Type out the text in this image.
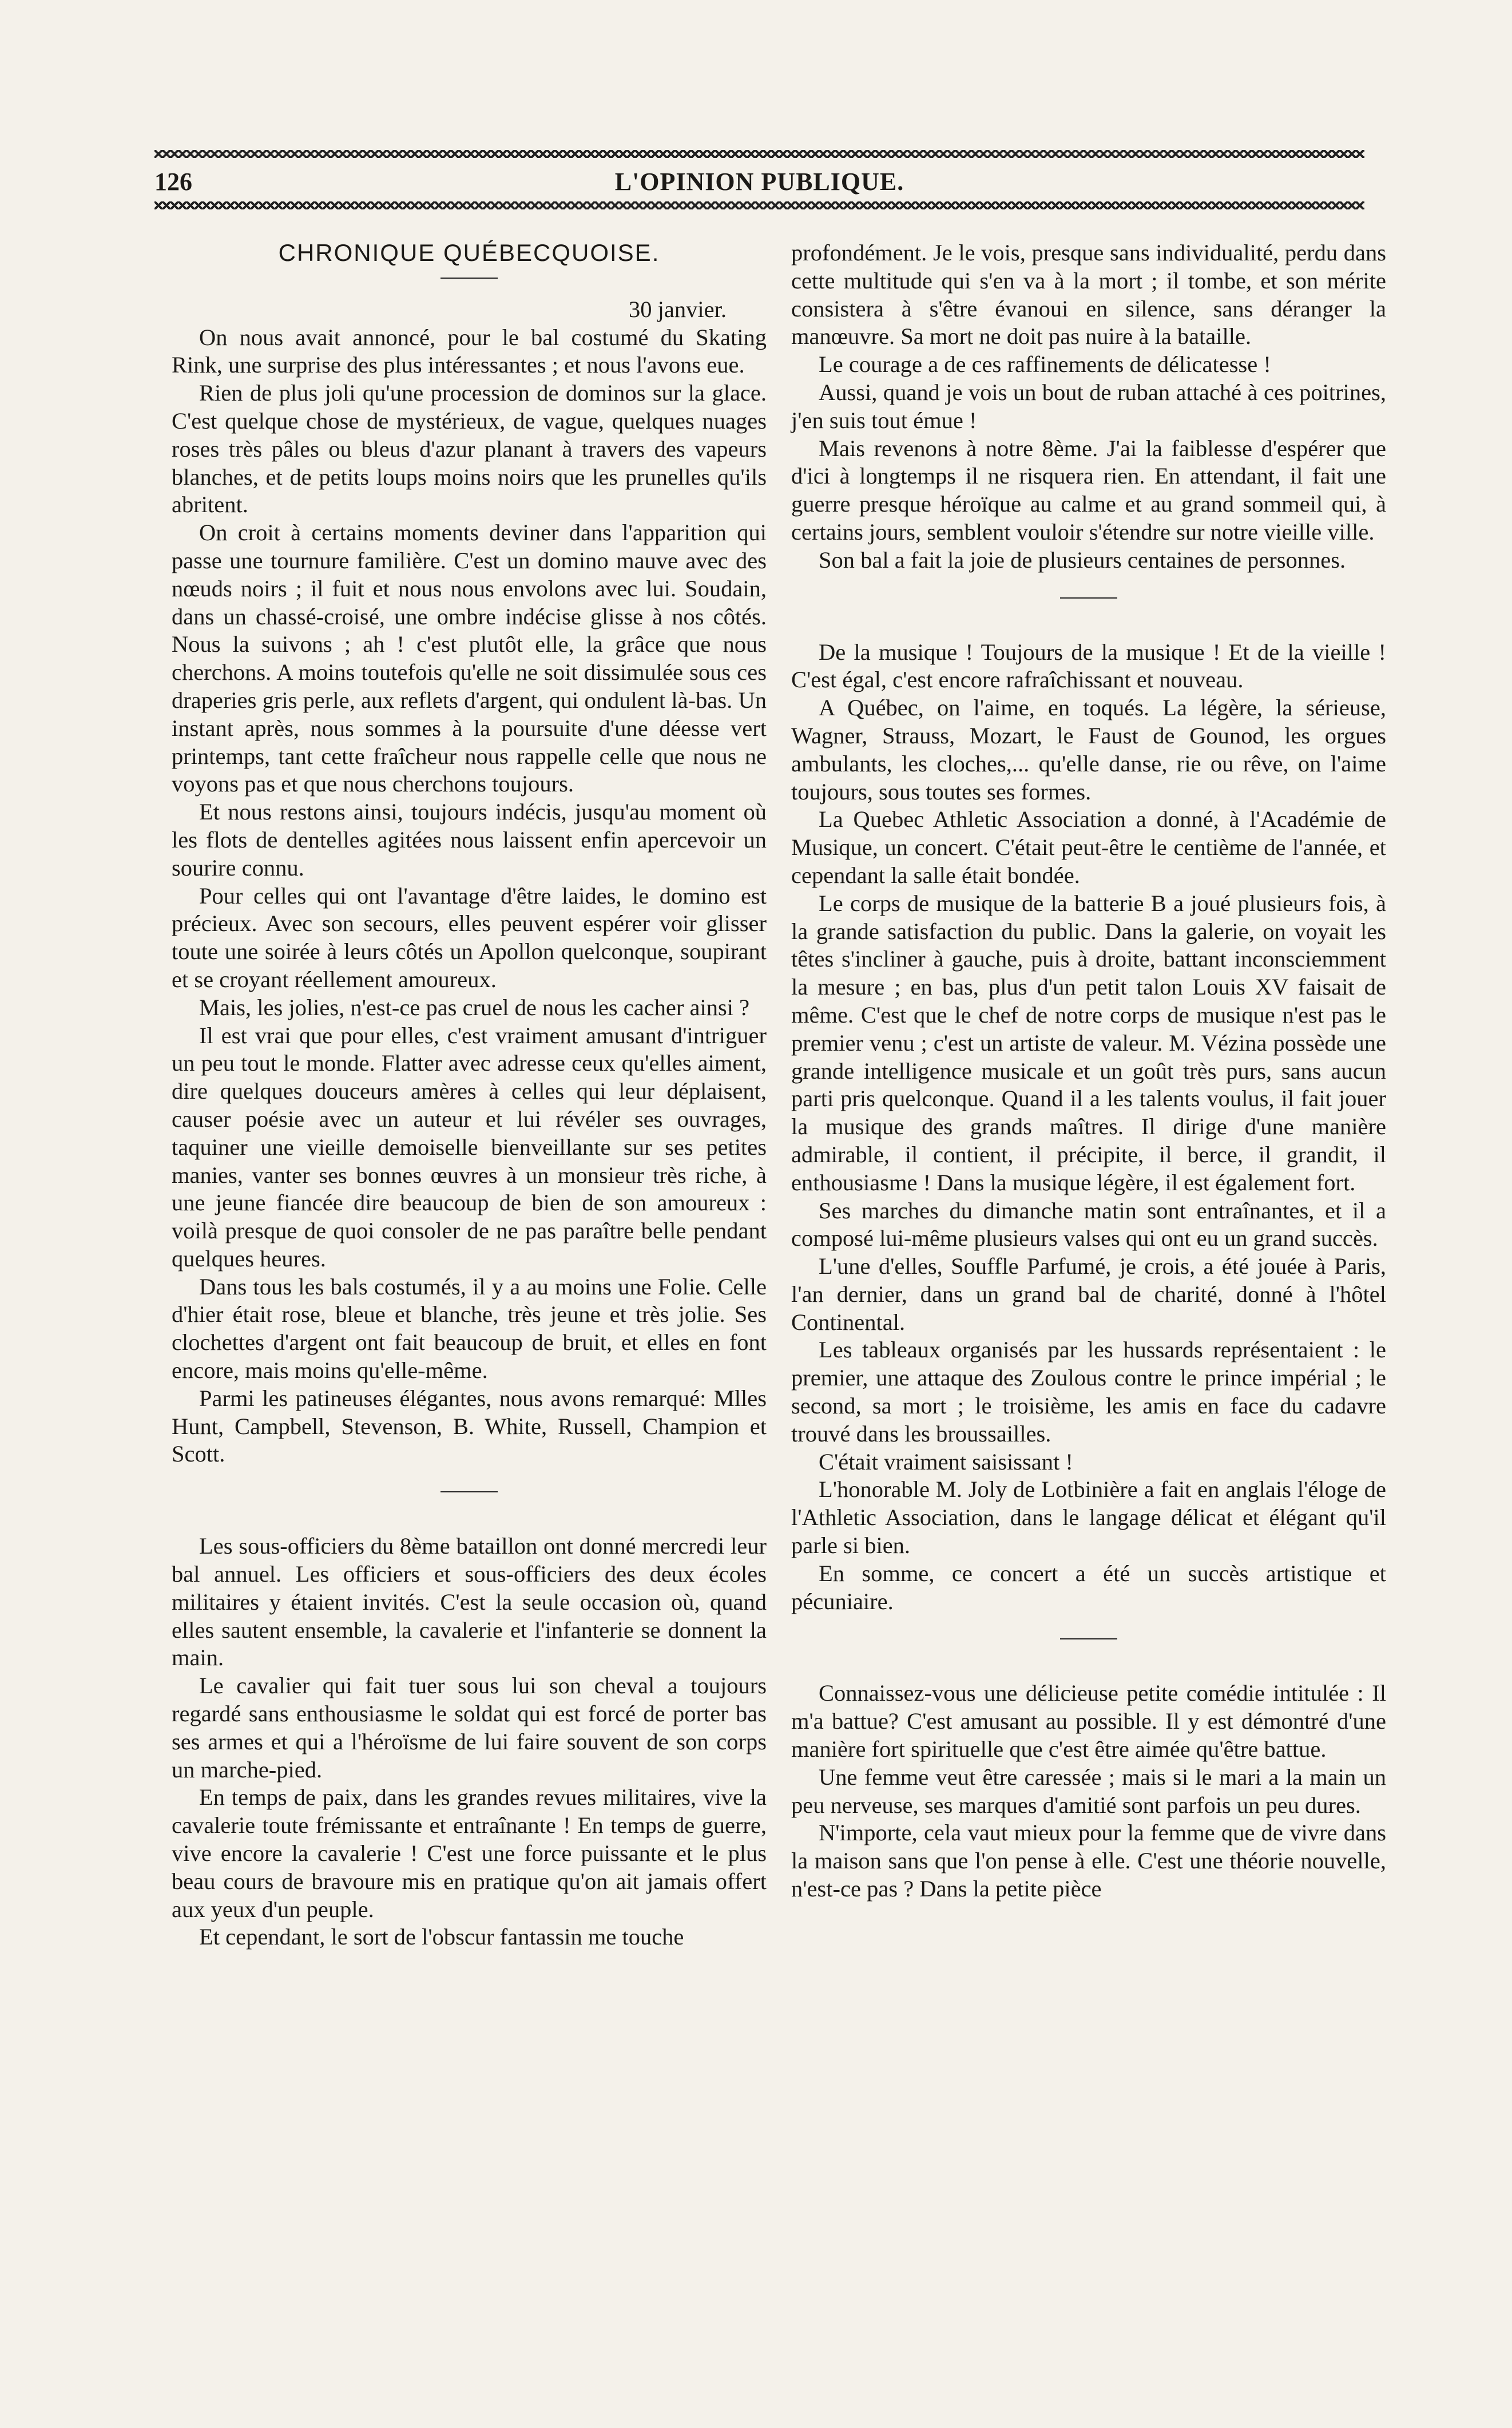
126	L'OPINION PUBLIQUE.

CHRONIQUE QUÉBECQUOISE.

30 janvier.

On nous avait annoncé, pour le bal costumé du Skating Rink, une surprise des plus intéressantes ; et nous l'avons eue.

Rien de plus joli qu'une procession de dominos sur la glace. C'est quelque chose de mystérieux, de vague, quelques nuages roses très pâles ou bleus d'azur planant à travers des vapeurs blanches, et de petits loups moins noirs que les prunelles qu'ils abritent.

On croit à certains moments deviner dans l'apparition qui passe une tournure familière. C'est un domino mauve avec des nœuds noirs ; il fuit et nous nous envolons avec lui. Soudain, dans un chassé-croisé, une ombre indécise glisse à nos côtés. Nous la suivons ; ah ! c'est plutôt elle, la grâce que nous cherchons. A moins toutefois qu'elle ne soit dissimulée sous ces draperies gris perle, aux reflets d'argent, qui ondulent là-bas. Un instant après, nous sommes à la poursuite d'une déesse vert printemps, tant cette fraîcheur nous rappelle celle que nous ne voyons pas et que nous cherchons toujours.

Et nous restons ainsi, toujours indécis, jusqu'au moment où les flots de dentelles agitées nous laissent enfin apercevoir un sourire connu.

Pour celles qui ont l'avantage d'être laides, le domino est précieux. Avec son secours, elles peuvent espérer voir glisser toute une soirée à leurs côtés un Apollon quelconque, soupirant et se croyant réellement amoureux.

Mais, les jolies, n'est-ce pas cruel de nous les cacher ainsi ?

Il est vrai que pour elles, c'est vraiment amusant d'intriguer un peu tout le monde. Flatter avec adresse ceux qu'elles aiment, dire quelques douceurs amères à celles qui leur déplaisent, causer poésie avec un auteur et lui révéler ses ouvrages, taquiner une vieille demoiselle bienveillante sur ses petites manies, vanter ses bonnes œuvres à un monsieur très riche, à une jeune fiancée dire beaucoup de bien de son amoureux : voilà presque de quoi consoler de ne pas paraître belle pendant quelques heures.

Dans tous les bals costumés, il y a au moins une Folie. Celle d'hier était rose, bleue et blanche, très jeune et très jolie. Ses clochettes d'argent ont fait beaucoup de bruit, et elles en font encore, mais moins qu'elle-même.

Parmi les patineuses élégantes, nous avons remarqué: Mlles Hunt, Campbell, Stevenson, B. White, Russell, Champion et Scott.

Les sous-officiers du 8ème bataillon ont donné mercredi leur bal annuel. Les officiers et sous-officiers des deux écoles militaires y étaient invités. C'est la seule occasion où, quand elles sautent ensemble, la cavalerie et l'infanterie se donnent la main.

Le cavalier qui fait tuer sous lui son cheval a toujours regardé sans enthousiasme le soldat qui est forcé de porter bas ses armes et qui a l'héroïsme de lui faire souvent de son corps un marche-pied.

En temps de paix, dans les grandes revues militaires, vive la cavalerie toute frémissante et entraînante ! En temps de guerre, vive encore la cavalerie ! C'est une force puissante et le plus beau cours de bravoure mis en pratique qu'on ait jamais offert aux yeux d'un peuple.

Et cependant, le sort de l'obscur fantassin me touche

profondément. Je le vois, presque sans individualité, perdu dans cette multitude qui s'en va à la mort ; il tombe, et son mérite consistera à s'être évanoui en silence, sans déranger la manœuvre. Sa mort ne doit pas nuire à la bataille.

Le courage a de ces raffinements de délicatesse !

Aussi, quand je vois un bout de ruban attaché à ces poitrines, j'en suis tout émue !

Mais revenons à notre 8ème. J'ai la faiblesse d'espérer que d'ici à longtemps il ne risquera rien. En attendant, il fait une guerre presque héroïque au calme et au grand sommeil qui, à certains jours, semblent vouloir s'étendre sur notre vieille ville.

Son bal a fait la joie de plusieurs centaines de personnes.

De la musique ! Toujours de la musique ! Et de la vieille ! C'est égal, c'est encore rafraîchissant et nouveau.

A Québec, on l'aime, en toqués. La légère, la sérieuse, Wagner, Strauss, Mozart, le Faust de Gounod, les orgues ambulants, les cloches,... qu'elle danse, rie ou rêve, on l'aime toujours, sous toutes ses formes.

La Quebec Athletic Association a donné, à l'Académie de Musique, un concert. C'était peut-être le centième de l'année, et cependant la salle était bondée.

Le corps de musique de la batterie B a joué plusieurs fois, à la grande satisfaction du public. Dans la galerie, on voyait les têtes s'incliner à gauche, puis à droite, battant inconsciemment la mesure ; en bas, plus d'un petit talon Louis XV faisait de même. C'est que le chef de notre corps de musique n'est pas le premier venu ; c'est un artiste de valeur. M. Vézina possède une grande intelligence musicale et un goût très purs, sans aucun parti pris quelconque. Quand il a les talents voulus, il fait jouer la musique des grands maîtres. Il dirige d'une manière admirable, il contient, il précipite, il berce, il grandit, il enthousiasme ! Dans la musique légère, il est également fort.

Ses marches du dimanche matin sont entraînantes, et il a composé lui-même plusieurs valses qui ont eu un grand succès.

L'une d'elles, Souffle Parfumé, je crois, a été jouée à Paris, l'an dernier, dans un grand bal de charité, donné à l'hôtel Continental.

Les tableaux organisés par les hussards représentaient : le premier, une attaque des Zoulous contre le prince impérial ; le second, sa mort ; le troisième, les amis en face du cadavre trouvé dans les broussailles.

C'était vraiment saisissant !

L'honorable M. Joly de Lotbinière a fait en anglais l'éloge de l'Athletic Association, dans le langage délicat et élégant qu'il parle si bien.

En somme, ce concert a été un succès artistique et pécuniaire.

Connaissez-vous une délicieuse petite comédie intitulée : Il m'a battue? C'est amusant au possible. Il y est démontré d'une manière fort spirituelle que c'est être aimée qu'être battue.

Une femme veut être caressée ; mais si le mari a la main un peu nerveuse, ses marques d'amitié sont parfois un peu dures.

N'importe, cela vaut mieux pour la femme que de vivre dans la maison sans que l'on pense à elle. C'est une théorie nouvelle, n'est-ce pas ? Dans la petite pièce
